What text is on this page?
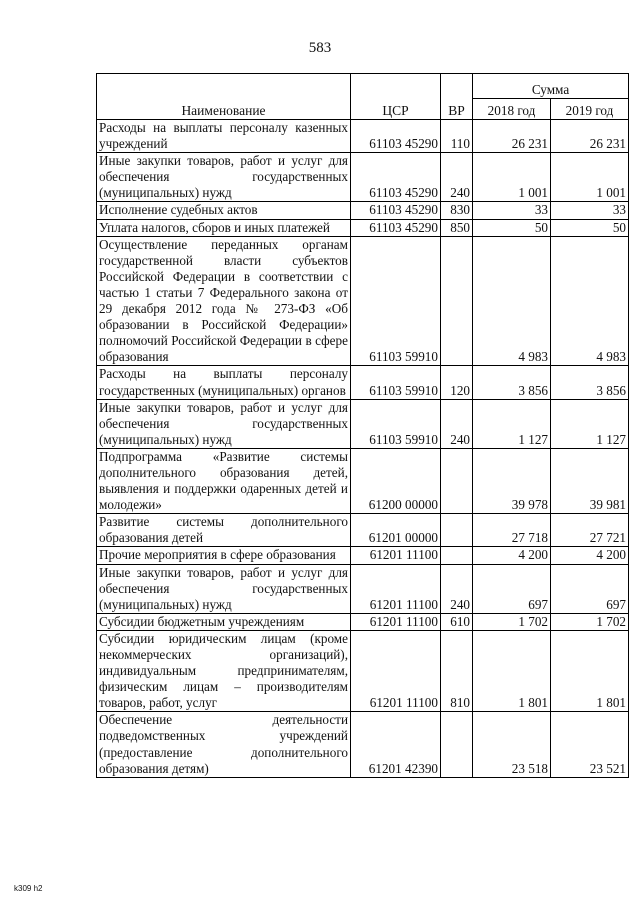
583
Наименование	ЦСР	ВР	Сумма	
			2018 год	2019 год
Расходы на выплаты персоналу казенных учреждений	61103 45290	110	26 231	26 231
Иные закупки товаров, работ и услуг для обеспечения государственных (муниципальных) нужд	61103 45290	240	1 001	1 001
Исполнение судебных актов	61103 45290	830	33	33
Уплата налогов, сборов и иных платежей	61103 45290	850	50	50
Осуществление переданных органам государственной власти субъектов Российской Федерации в соответствии с частью 1 статьи 7 Федерального закона от 29 декабря 2012 года № 273-ФЗ «Об образовании в Российской Федерации» полномочий Российской Федерации в сфере образования	61103 59910		4 983	4 983
Расходы на выплаты персоналу государственных (муниципальных) органов	61103 59910	120	3 856	3 856
Иные закупки товаров, работ и услуг для обеспечения государственных (муниципальных) нужд	61103 59910	240	1 127	1 127
Подпрограмма «Развитие системы дополнительного образования детей, выявления и поддержки одаренных детей и молодежи»	61200 00000		39 978	39 981
Развитие системы дополнительного образования детей	61201 00000		27 718	27 721
Прочие мероприятия в сфере образования	61201 11100		4 200	4 200
Иные закупки товаров, работ и услуг для обеспечения государственных (муниципальных) нужд	61201 11100	240	697	697
Субсидии бюджетным учреждениям	61201 11100	610	1 702	1 702
Субсидии юридическим лицам (кроме некоммерческих организаций), индивидуальным предпринимателям, физическим лицам – производителям товаров, работ, услуг	61201 11100	810	1 801	1 801
Обеспечение деятельности подведомственных учреждений (предоставление дополнительного образования детям)	61201 42390		23 518	23 521
k309 h2
